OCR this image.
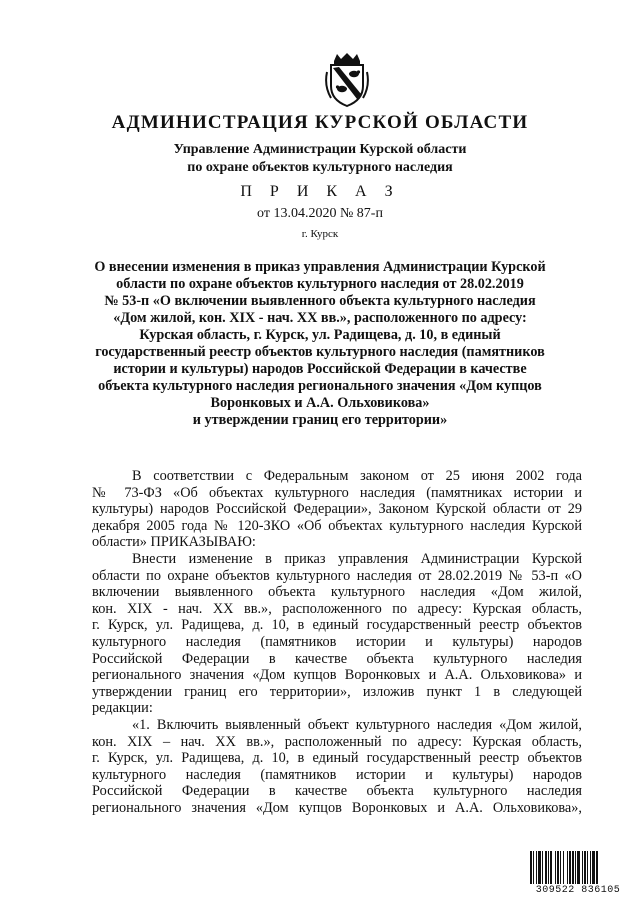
АДМИНИСТРАЦИЯ КУРСКОЙ ОБЛАСТИ
Управление Администрации Курской области
по охране объектов культурного наследия
П Р И К А З
от 13.04.2020 № 87-п
г. Курск
О внесении изменения в приказ управления Администрации Курской
области по охране объектов культурного наследия от 28.02.2019
№ 53-п «О включении выявленного объекта культурного наследия
«Дом жилой, кон. XIX - нач. XX вв.», расположенного по адресу:
Курская область, г. Курск, ул. Радищева, д. 10, в единый
государственный реестр объектов культурного наследия (памятников
истории и культуры) народов Российской Федерации в качестве
объекта культурного наследия регионального значения «Дом купцов
Воронковых и А.А. Ольховикова»
и утверждении границ его территории»

В соответствии с Федеральным законом от 25 июня 2002 года
№ 73-ФЗ «Об объектах культурного наследия (памятниках истории и
культуры) народов Российской Федерации», Законом Курской области от 29
декабря 2005 года № 120-ЗКО «Об объектах культурного наследия Курской
области» ПРИКАЗЫВАЮ:

Внести изменение в приказ управления Администрации Курской
области по охране объектов культурного наследия от 28.02.2019 № 53-п «О
включении выявленного объекта культурного наследия «Дом жилой,
кон. XIX - нач. XX вв.», расположенного по адресу: Курская область,
г. Курск, ул. Радищева, д. 10, в единый государственный реестр объектов
культурного наследия (памятников истории и культуры) народов
Российской Федерации в качестве объекта культурного наследия
регионального значения «Дом купцов Воронковых и А.А. Ольховикова» и
утверждении границ его территории», изложив пункт 1 в следующей
редакции:

«1. Включить выявленный объект культурного наследия «Дом жилой,
кон. XIX – нач. XX вв.», расположенный по адресу: Курская область,
г. Курск, ул. Радищева, д. 10, в единый государственный реестр объектов
культурного наследия (памятников истории и культуры) народов
Российской Федерации в качестве объекта культурного наследия
регионального значения «Дом купцов Воронковых и А.А. Ольховикова»,

309522 836105
